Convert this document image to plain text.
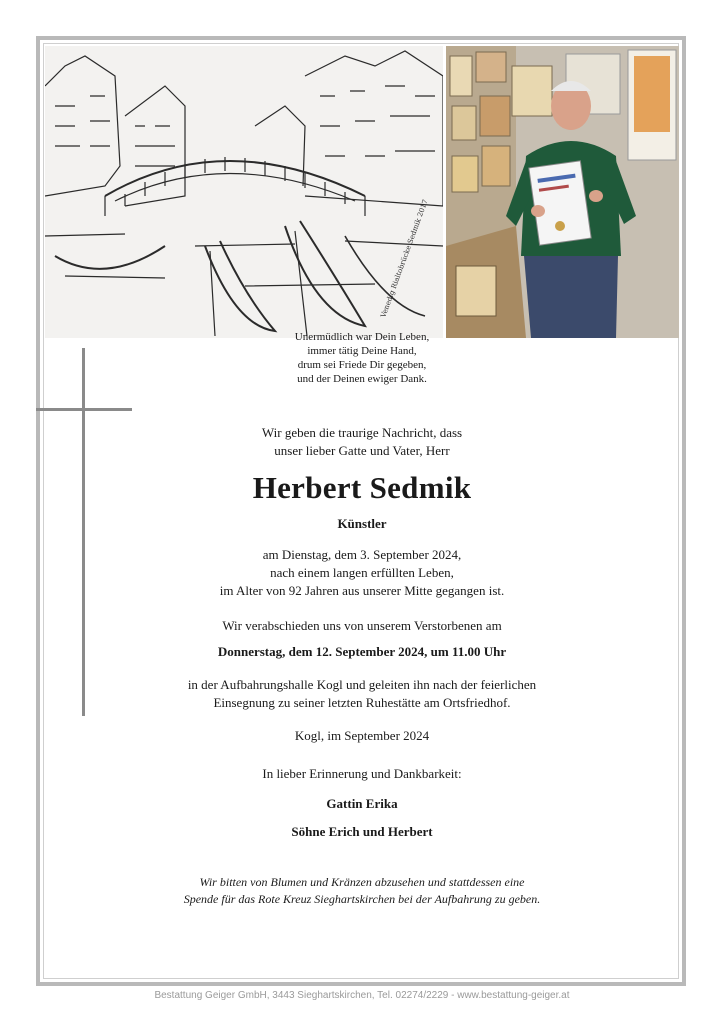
Venedig Rialtobrücke Sedmik 2017
Unermüdlich war Dein Leben,
immer tätig Deine Hand,
drum sei Friede Dir gegeben,
und der Deinen ewiger Dank.
Wir geben die traurige Nachricht, dass
unser lieber Gatte und Vater, Herr
Herbert Sedmik
Künstler
am Dienstag, dem 3. September 2024,
nach einem langen erfüllten Leben,
im Alter von 92 Jahren aus unserer Mitte gegangen ist.
Wir verabschieden uns von unserem Verstorbenen am
Donnerstag, dem 12. September 2024, um 11.00 Uhr
in der Aufbahrungshalle Kogl und geleiten ihn nach der feierlichen
Einsegnung zu seiner letzten Ruhestätte am Ortsfriedhof.
Kogl, im September 2024
In lieber Erinnerung und Dankbarkeit:
Gattin Erika
Söhne Erich und Herbert
Wir bitten von Blumen und Kränzen abzusehen und stattdessen eine
Spende für das Rote Kreuz Sieghartskirchen bei der Aufbahrung zu geben.
Bestattung Geiger GmbH, 3443 Sieghartskirchen, Tel. 02274/2229 - www.bestattung-geiger.at
